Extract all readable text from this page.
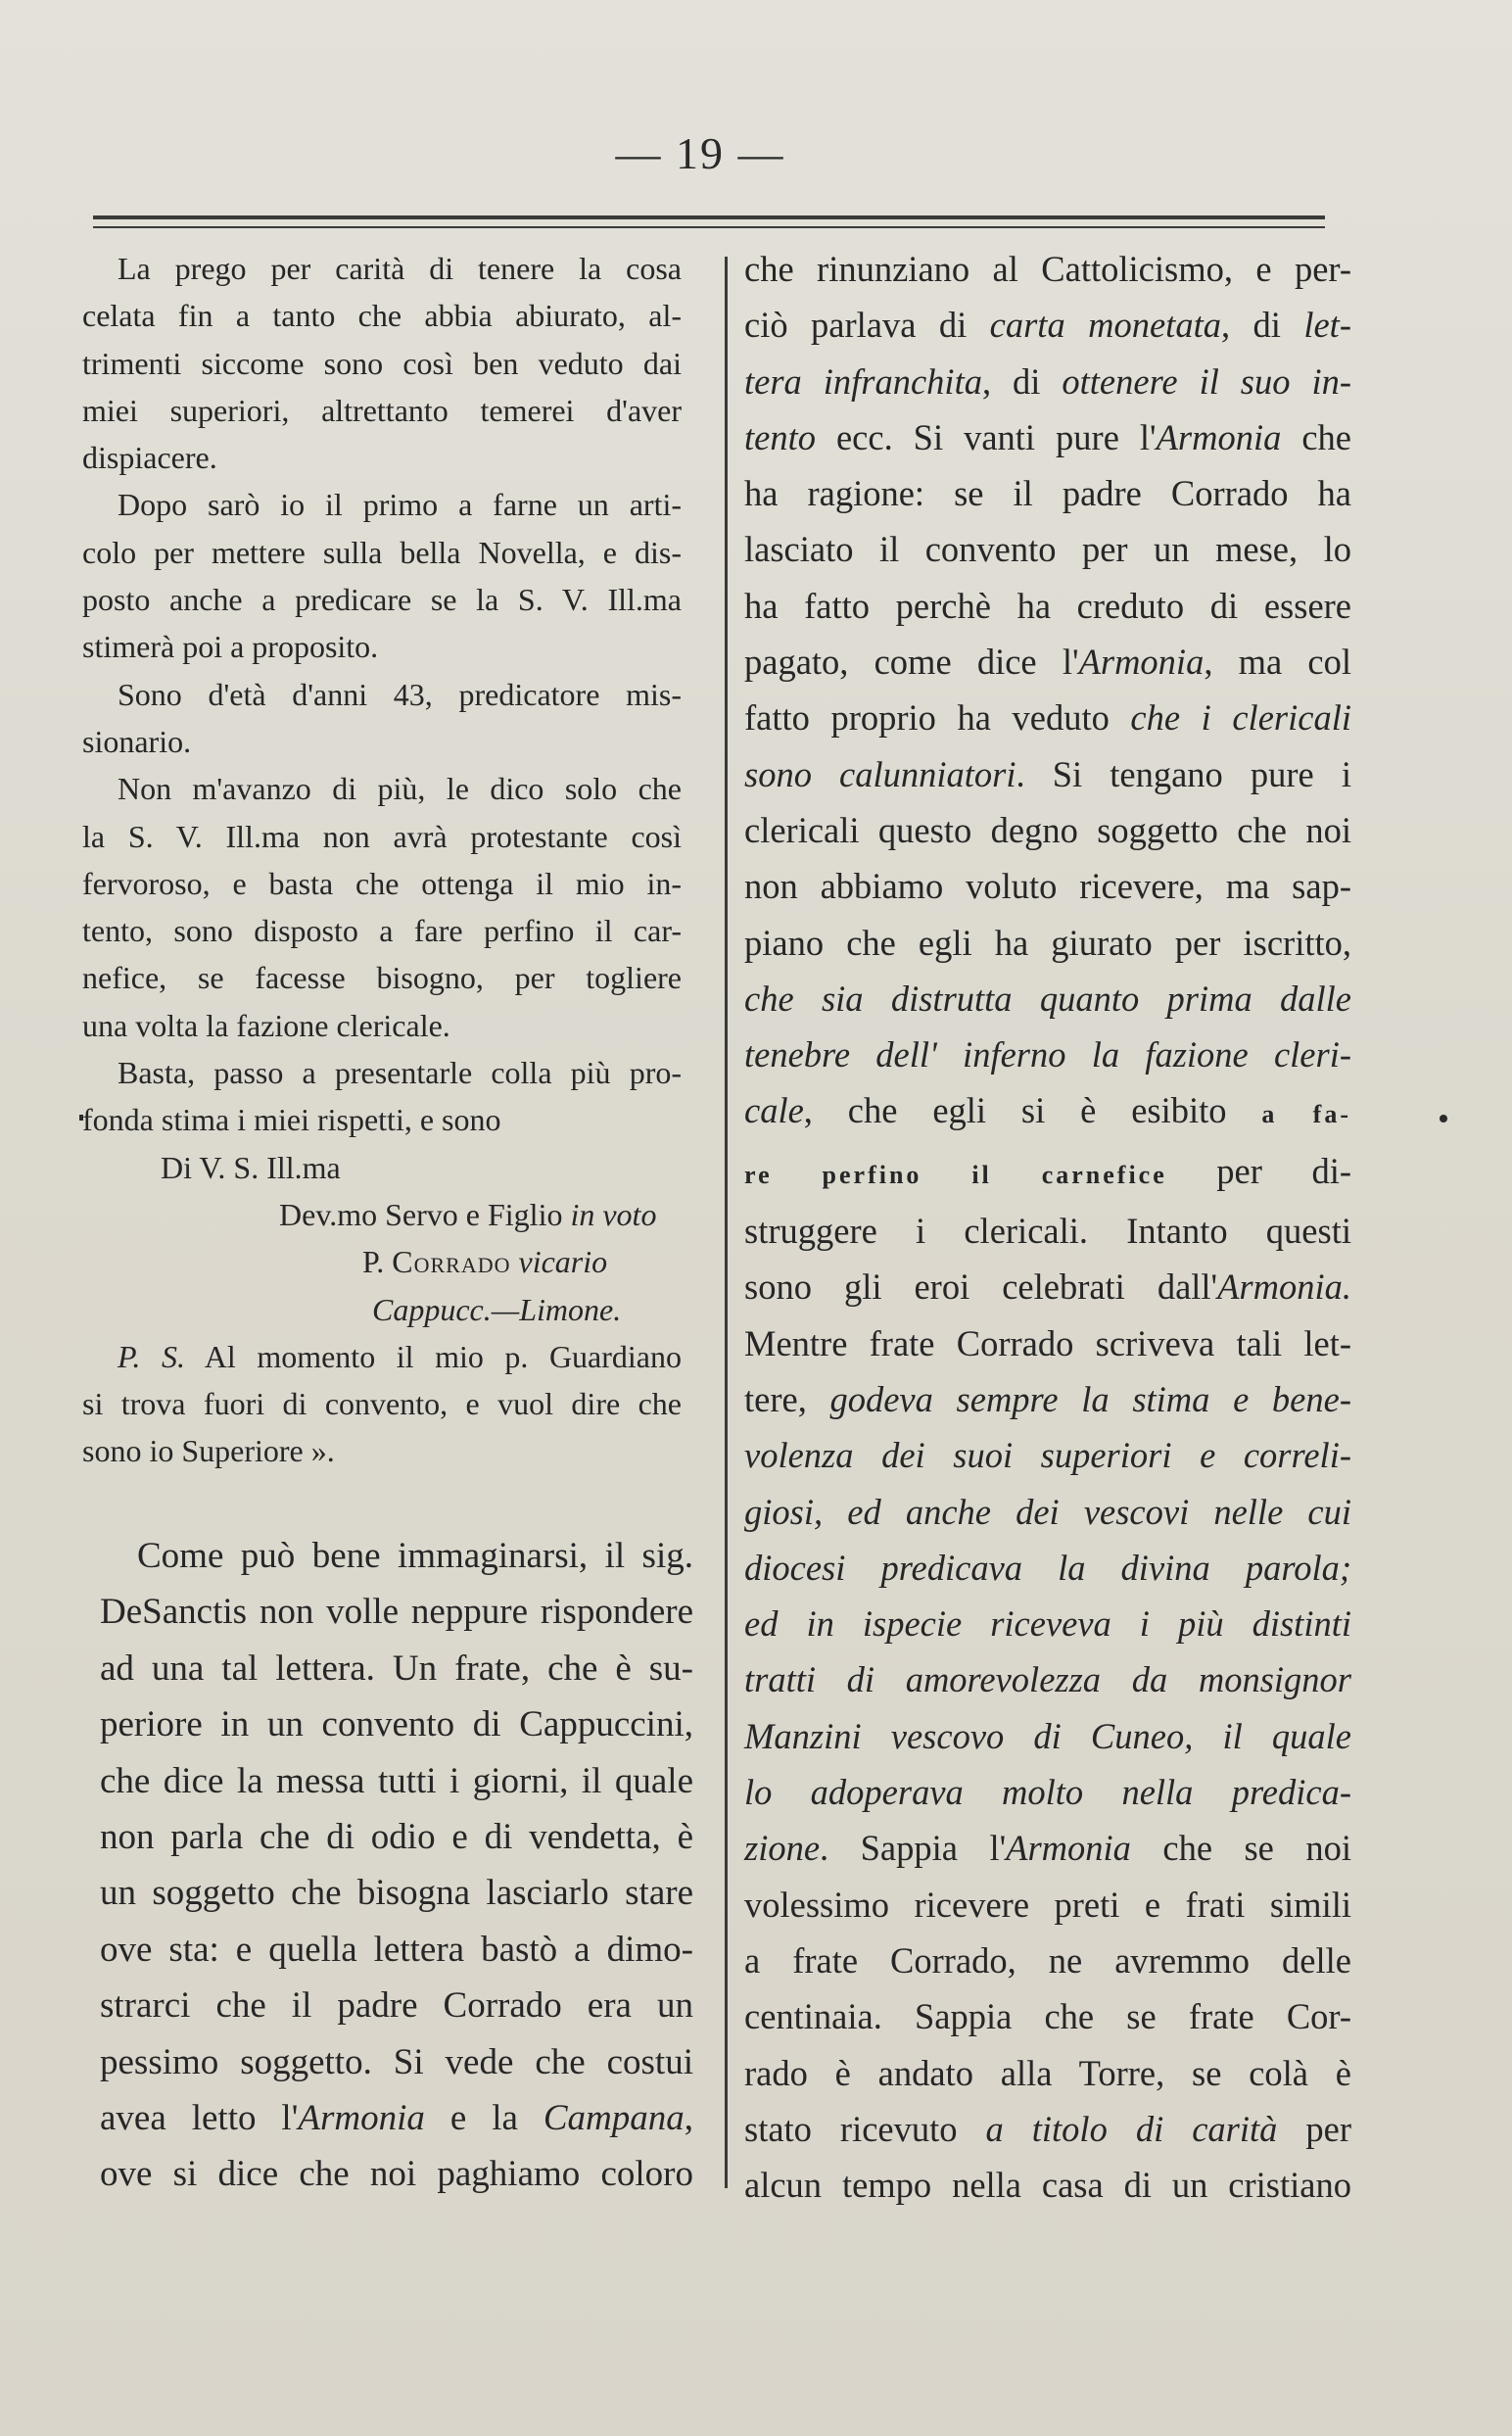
— 19 —

La prego per carità di tenere la cosa
celata fin a tanto che abbia abiurato, al-
trimenti siccome sono così ben veduto dai
miei superiori, altrettanto temerei d'aver
dispiacere.

Dopo sarò io il primo a farne un arti-
colo per mettere sulla bella Novella, e dis-
posto anche a predicare se la S. V. Ill.ma
stimerà poi a proposito.

Sono d'età d'anni 43, predicatore mis-
sionario.

Non m'avanzo di più, le dico solo che
la S. V. Ill.ma non avrà protestante così
fervoroso, e basta che ottenga il mio in-
tento, sono disposto a fare perfino il car-
nefice, se facesse bisogno, per togliere
una volta la fazione clericale.

Basta, passo a presentarle colla più pro-
fonda stima i miei rispetti, e sono

Di V. S. Ill.ma

Dev.mo Servo e Figlio in voto

P. Corrado vicario

Cappucc.—Limone.

P. S. Al momento il mio p. Guardiano
si trova fuori di convento, e vuol dire che
sono io Superiore ».

Come può bene immaginarsi, il sig.
DeSanctis non volle neppure rispondere
ad una tal lettera. Un frate, che è su-
periore in un convento di Cappuccini,
che dice la messa tutti i giorni, il quale
non parla che di odio e di vendetta, è
un soggetto che bisogna lasciarlo stare
ove sta: e quella lettera bastò a dimo-
strarci che il padre Corrado era un
pessimo soggetto. Si vede che costui
avea letto l'Armonia e la Campana,
ove si dice che noi paghiamo coloro

che rinunziano al Cattolicismo, e per-
ciò parlava di carta monetata, di let-
tera infranchita, di ottenere il suo in-
tento ecc. Si vanti pure l'Armonia che
ha ragione: se il padre Corrado ha
lasciato il convento per un mese, lo
ha fatto perchè ha creduto di essere
pagato, come dice l'Armonia, ma col
fatto proprio ha veduto che i clericali
sono calunniatori. Si tengano pure i
clericali questo degno soggetto che noi
non abbiamo voluto ricevere, ma sap-
piano che egli ha giurato per iscritto,
che sia distrutta quanto prima dalle
tenebre dell' inferno la fazione cleri-
cale, che egli si è esibito a fa-
re perfino il carnefice per di-
struggere i clericali. Intanto questi
sono gli eroi celebrati dall'Armonia.
Mentre frate Corrado scriveva tali let-
tere, godeva sempre la stima e bene-
volenza dei suoi superiori e correli-
giosi, ed anche dei vescovi nelle cui
diocesi predicava la divina parola;
ed in ispecie riceveva i più distinti
tratti di amorevolezza da monsignor
Manzini vescovo di Cuneo, il quale
lo adoperava molto nella predica-
zione. Sappia l'Armonia che se noi
volessimo ricevere preti e frati simili
a frate Corrado, ne avremmo delle
centinaia. Sappia che se frate Cor-
rado è andato alla Torre, se colà è
stato ricevuto a titolo di carità per
alcun tempo nella casa di un cristiano
